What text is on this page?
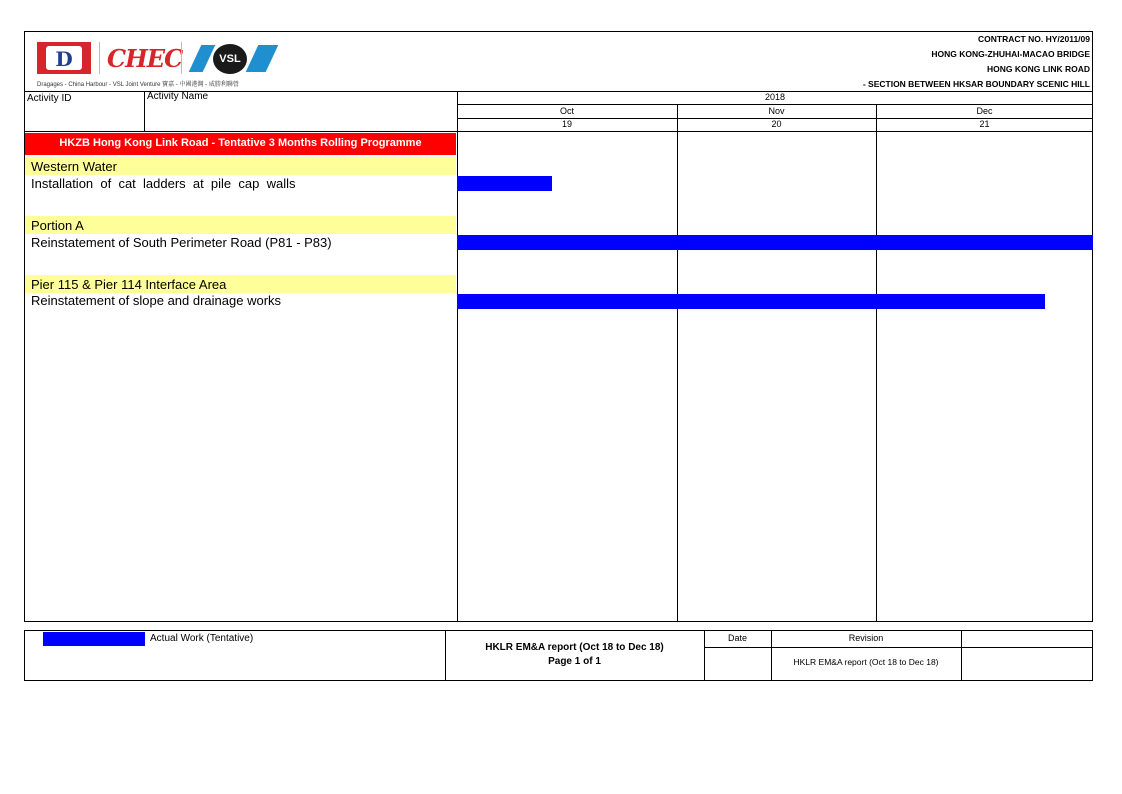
D	CHEC	VSL
Dragages - China Harbour - VSL Joint Venture 寶嘉 - 中國港灣 - 威勝利聯營
CONTRACT NO. HY/2011/09
HONG KONG-ZHUHAI-MACAO BRIDGE
HONG KONG LINK ROAD
- SECTION BETWEEN HKSAR BOUNDARY SCENIC HILL
Activity ID	Activity Name	2018
Oct	Nov	Dec
19	20	21
HKZB Hong Kong Link Road - Tentative 3 Months Rolling Programme
Western Water
Installation  of  cat  ladders  at  pile  cap  walls
Portion A
Reinstatement of South Perimeter Road (P81 - P83)
Pier 115 & Pier 114 Interface Area
Reinstatement of slope and drainage works
Actual Work (Tentative)
HKLR EM&A report (Oct 18 to Dec 18)
Page 1 of 1
Date	Revision
HKLR EM&A report (Oct 18 to Dec 18)
